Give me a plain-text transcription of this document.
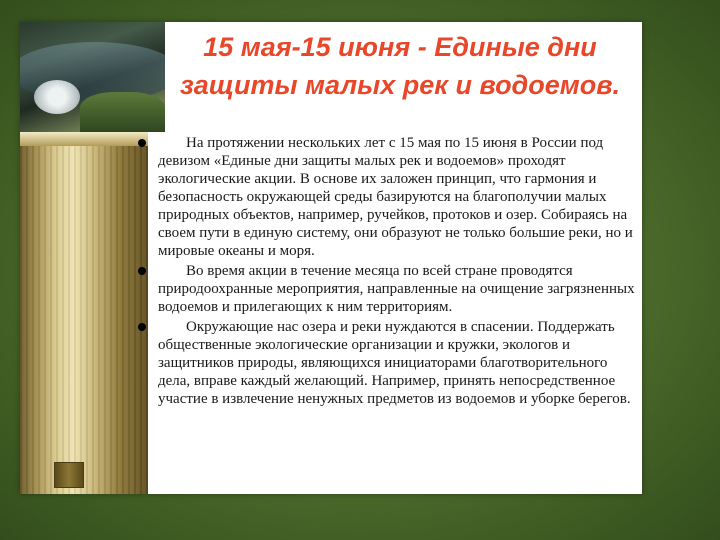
15 мая-15 июня - Единые дни защиты малых рек и водоемов.
На протяжении нескольких лет с 15 мая по 15 июня в России под девизом «Единые дни защиты малых рек и водоемов» проходят экологические акции. В основе их заложен принцип, что гармония и безопасность окружающей среды базируются на благополучии малых природных объектов, например, ручейков, протоков и озер. Собираясь на своем пути в единую систему, они образуют не только большие реки, но и мировые океаны и моря.
Во время акции в течение месяца по всей стране проводятся природоохранные мероприятия, направленные на очищение загрязненных водоемов и прилегающих к ним территориям.
Окружающие нас озера и реки нуждаются в спасении. Поддержать общественные экологические организации и кружки, экологов и защитников природы, являющихся инициаторами благотворительного дела, вправе каждый желающий. Например, принять непосредственное участие в извлечение ненужных предметов из водоемов и уборке берегов.
